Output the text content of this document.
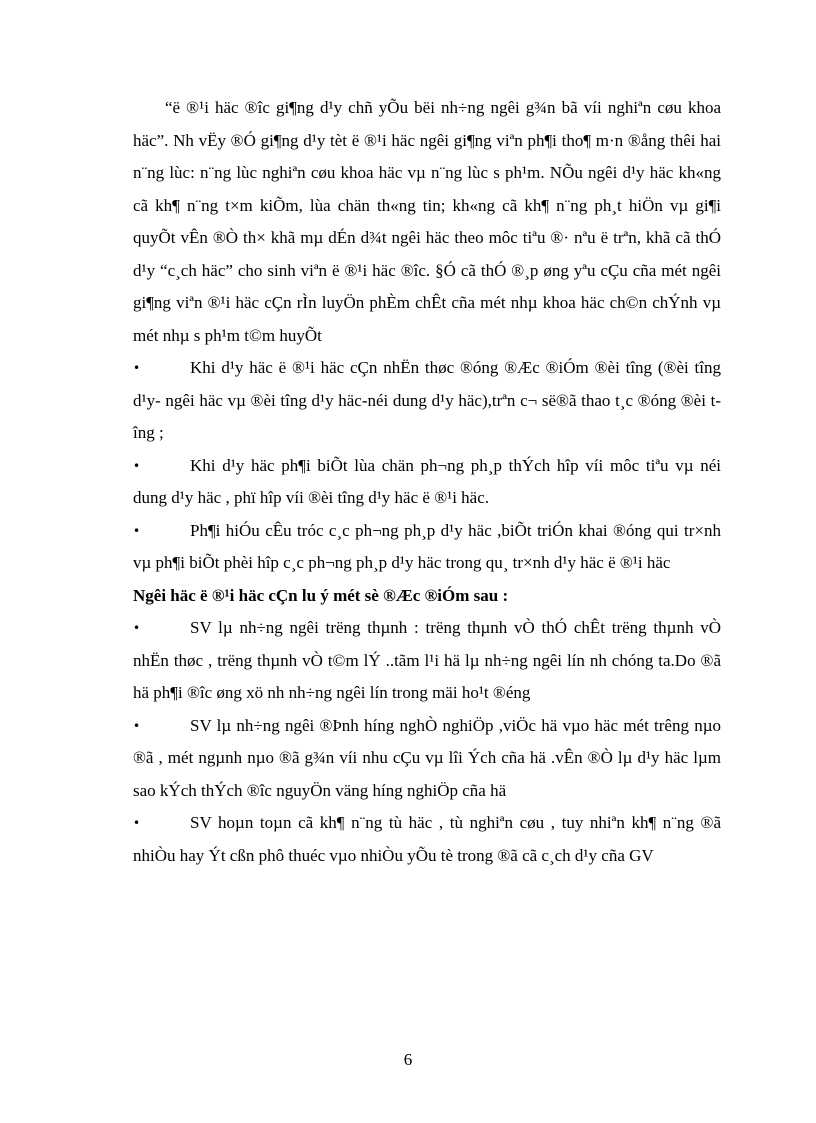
“ë ®¹i häc ®îc gi¶ng d¹y chñ yÕu bëi nh÷ng ngêi g¾n bã víi nghiªn cøu khoa häc”. Nh vËy ®Ó gi¶ng d¹y tèt ë ®¹i häc ngêi gi¶ng viªn ph¶i tho¶ m·n ®ång thêi hai n¨ng lùc: n¨ng lùc nghiªn cøu khoa häc vµ n¨ng lùc s ph¹m. NÕu ngêi d¹y häc kh«ng cã kh¶ n¨ng t×m kiÕm, lùa chän th«ng tin; kh«ng cã kh¶ n¨ng ph¸t hiÖn vµ gi¶i quyÕt vÊn ®Ò th× khã mµ dÉn d¾t ngêi häc theo môc tiªu ®· nªu ë trªn, khã cã thÓ d¹y “c¸ch häc” cho sinh viªn ë ®¹i häc ®îc. §Ó cã thÓ ®¸p øng yªu cÇu cña mét ngêi gi¶ng viªn ®¹i häc cÇn rÌn luyÖn phÈm chÊt cña mét nhµ khoa häc ch©n chÝnh vµ mét nhµ s ph¹m t©m huyÕt

•	Khi d¹y häc ë ®¹i häc cÇn nhËn thøc ®óng ®Æc ®iÓm ®èi tîng (®èi tîng d¹y- ngêi häc vµ ®èi tîng d¹y häc-néi dung d¹y häc),trªn c¬ së®ã thao t¸c ®óng ®èi tîng ;

•	Khi d¹y häc ph¶i biÕt lùa chän ph¬ng ph¸p thÝch hîp víi môc tiªu vµ néi dung d¹y häc , phï hîp víi ®èi tîng d¹y häc ë ®¹i häc.

•	Ph¶i hiÓu cÊu tróc c¸c ph¬ng ph¸p d¹y häc ,biÕt triÓn khai ®óng qui tr×nh vµ ph¶i biÕt phèi hîp c¸c ph¬ng ph¸p d¹y häc trong qu¸ tr×nh d¹y häc ë ®¹i häc

Ngêi häc ë ®¹i häc cÇn lu ý mét sè ®Æc ®iÓm sau :

•	SV lµ nh÷ng ngêi trëng thµnh : trëng thµnh vÒ thÓ chÊt trëng thµnh vÒ nhËn thøc , trëng thµnh vÒ t©m lÝ ..tãm l¹i hä lµ nh÷ng ngêi lín nh chóng ta.Do ®ã hä ph¶i ®îc øng xö nh nh÷ng ngêi lín trong mäi ho¹t ®éng

•	SV lµ nh÷ng ngêi ®Þnh híng nghÒ nghiÖp ,viÖc hä vµo häc mét trêng nµo ®ã , mét ngµnh nµo ®ã g¾n víi nhu cÇu vµ lîi Ých cña hä .vÊn ®Ò lµ d¹y häc lµm sao kÝch thÝch ®îc nguyÖn väng híng nghiÖp cña hä

•	SV hoµn toµn cã kh¶ n¨ng tù häc , tù nghiªn cøu , tuy nhiªn kh¶ n¨ng ®ã nhiÒu hay Ýt cßn phô thuéc vµo nhiÒu yÕu tè trong ®ã cã c¸ch d¹y cña GV

6
